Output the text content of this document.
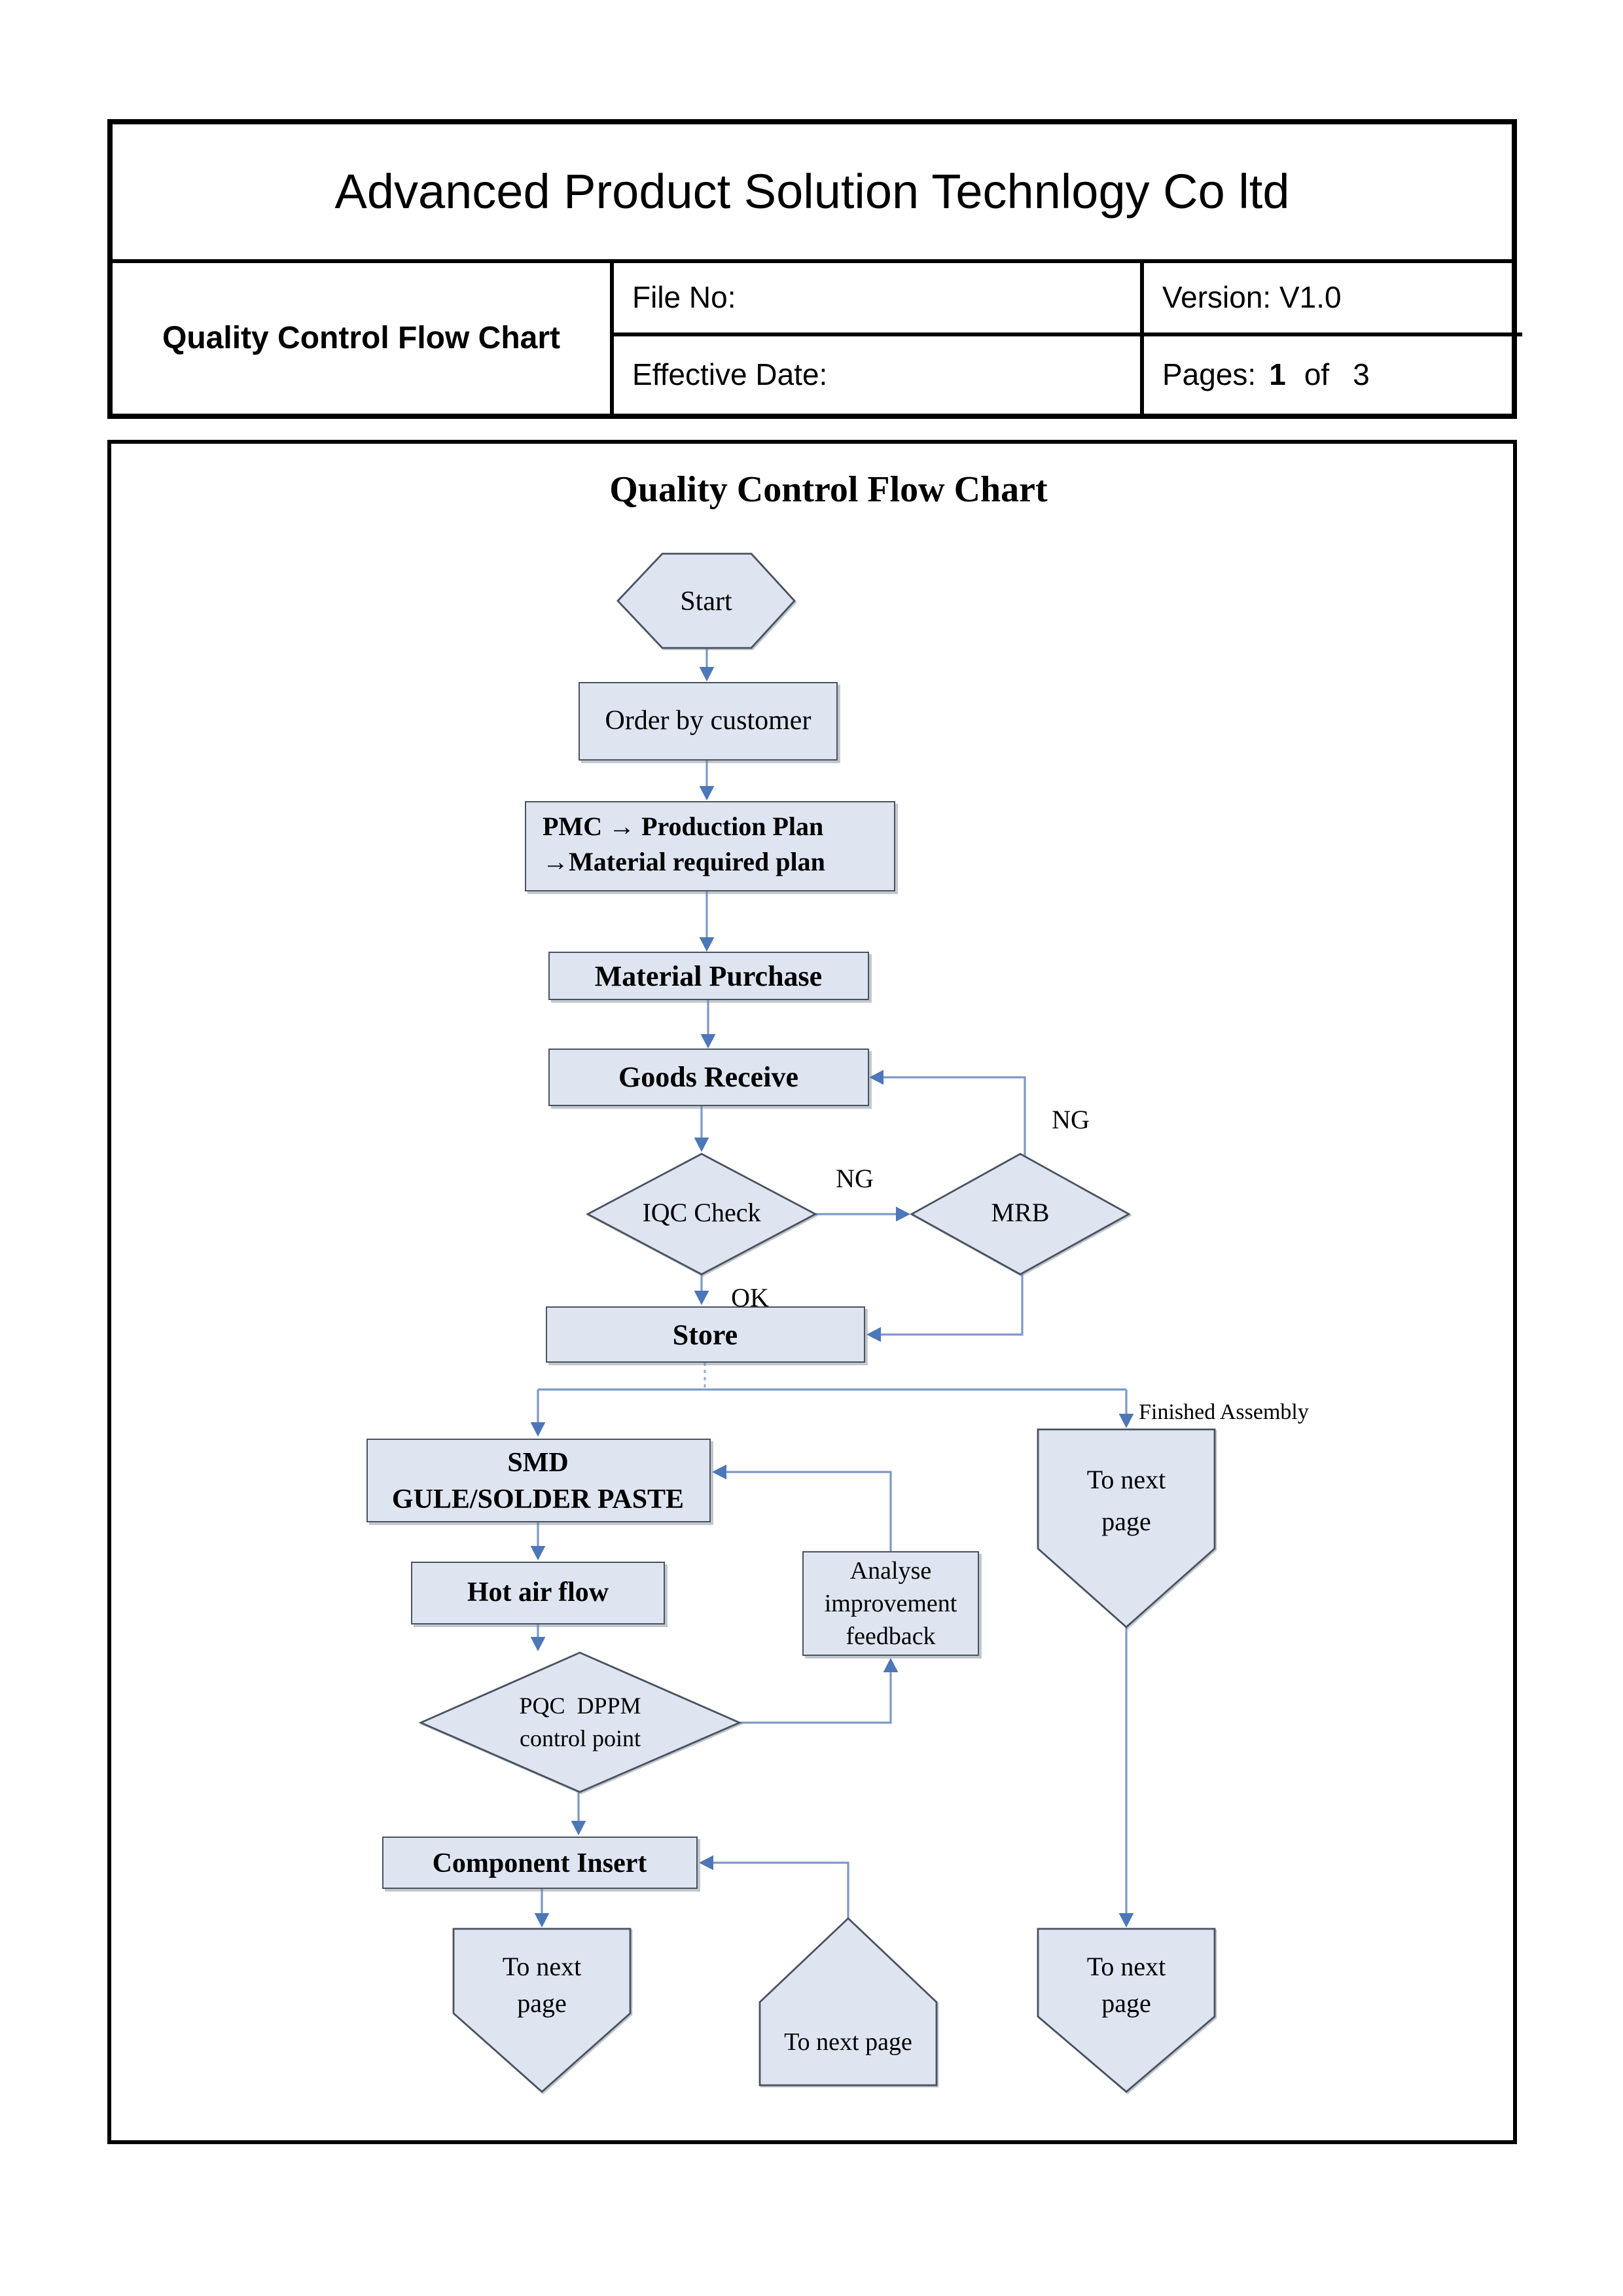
Advanced Product Solution Technlogy Co ltd
Quality Control Flow Chart
File No:	Version: V1.0
Effective Date:	Pages: 1 of 3
Quality Control Flow Chart
Order by customer
PMC → Production Plan
→Material required plan
Material Purchase
Goods Receive
Store
SMD
GULE/SOLDER PASTE
Hot air flow
Analyse
improvement
feedback
Component Insert
Start
IQC Check	MRB
PQC  DPPM
control point
To next
page
To next
page
To next page
To next
page
NG
NG
OK
Finished Assembly
